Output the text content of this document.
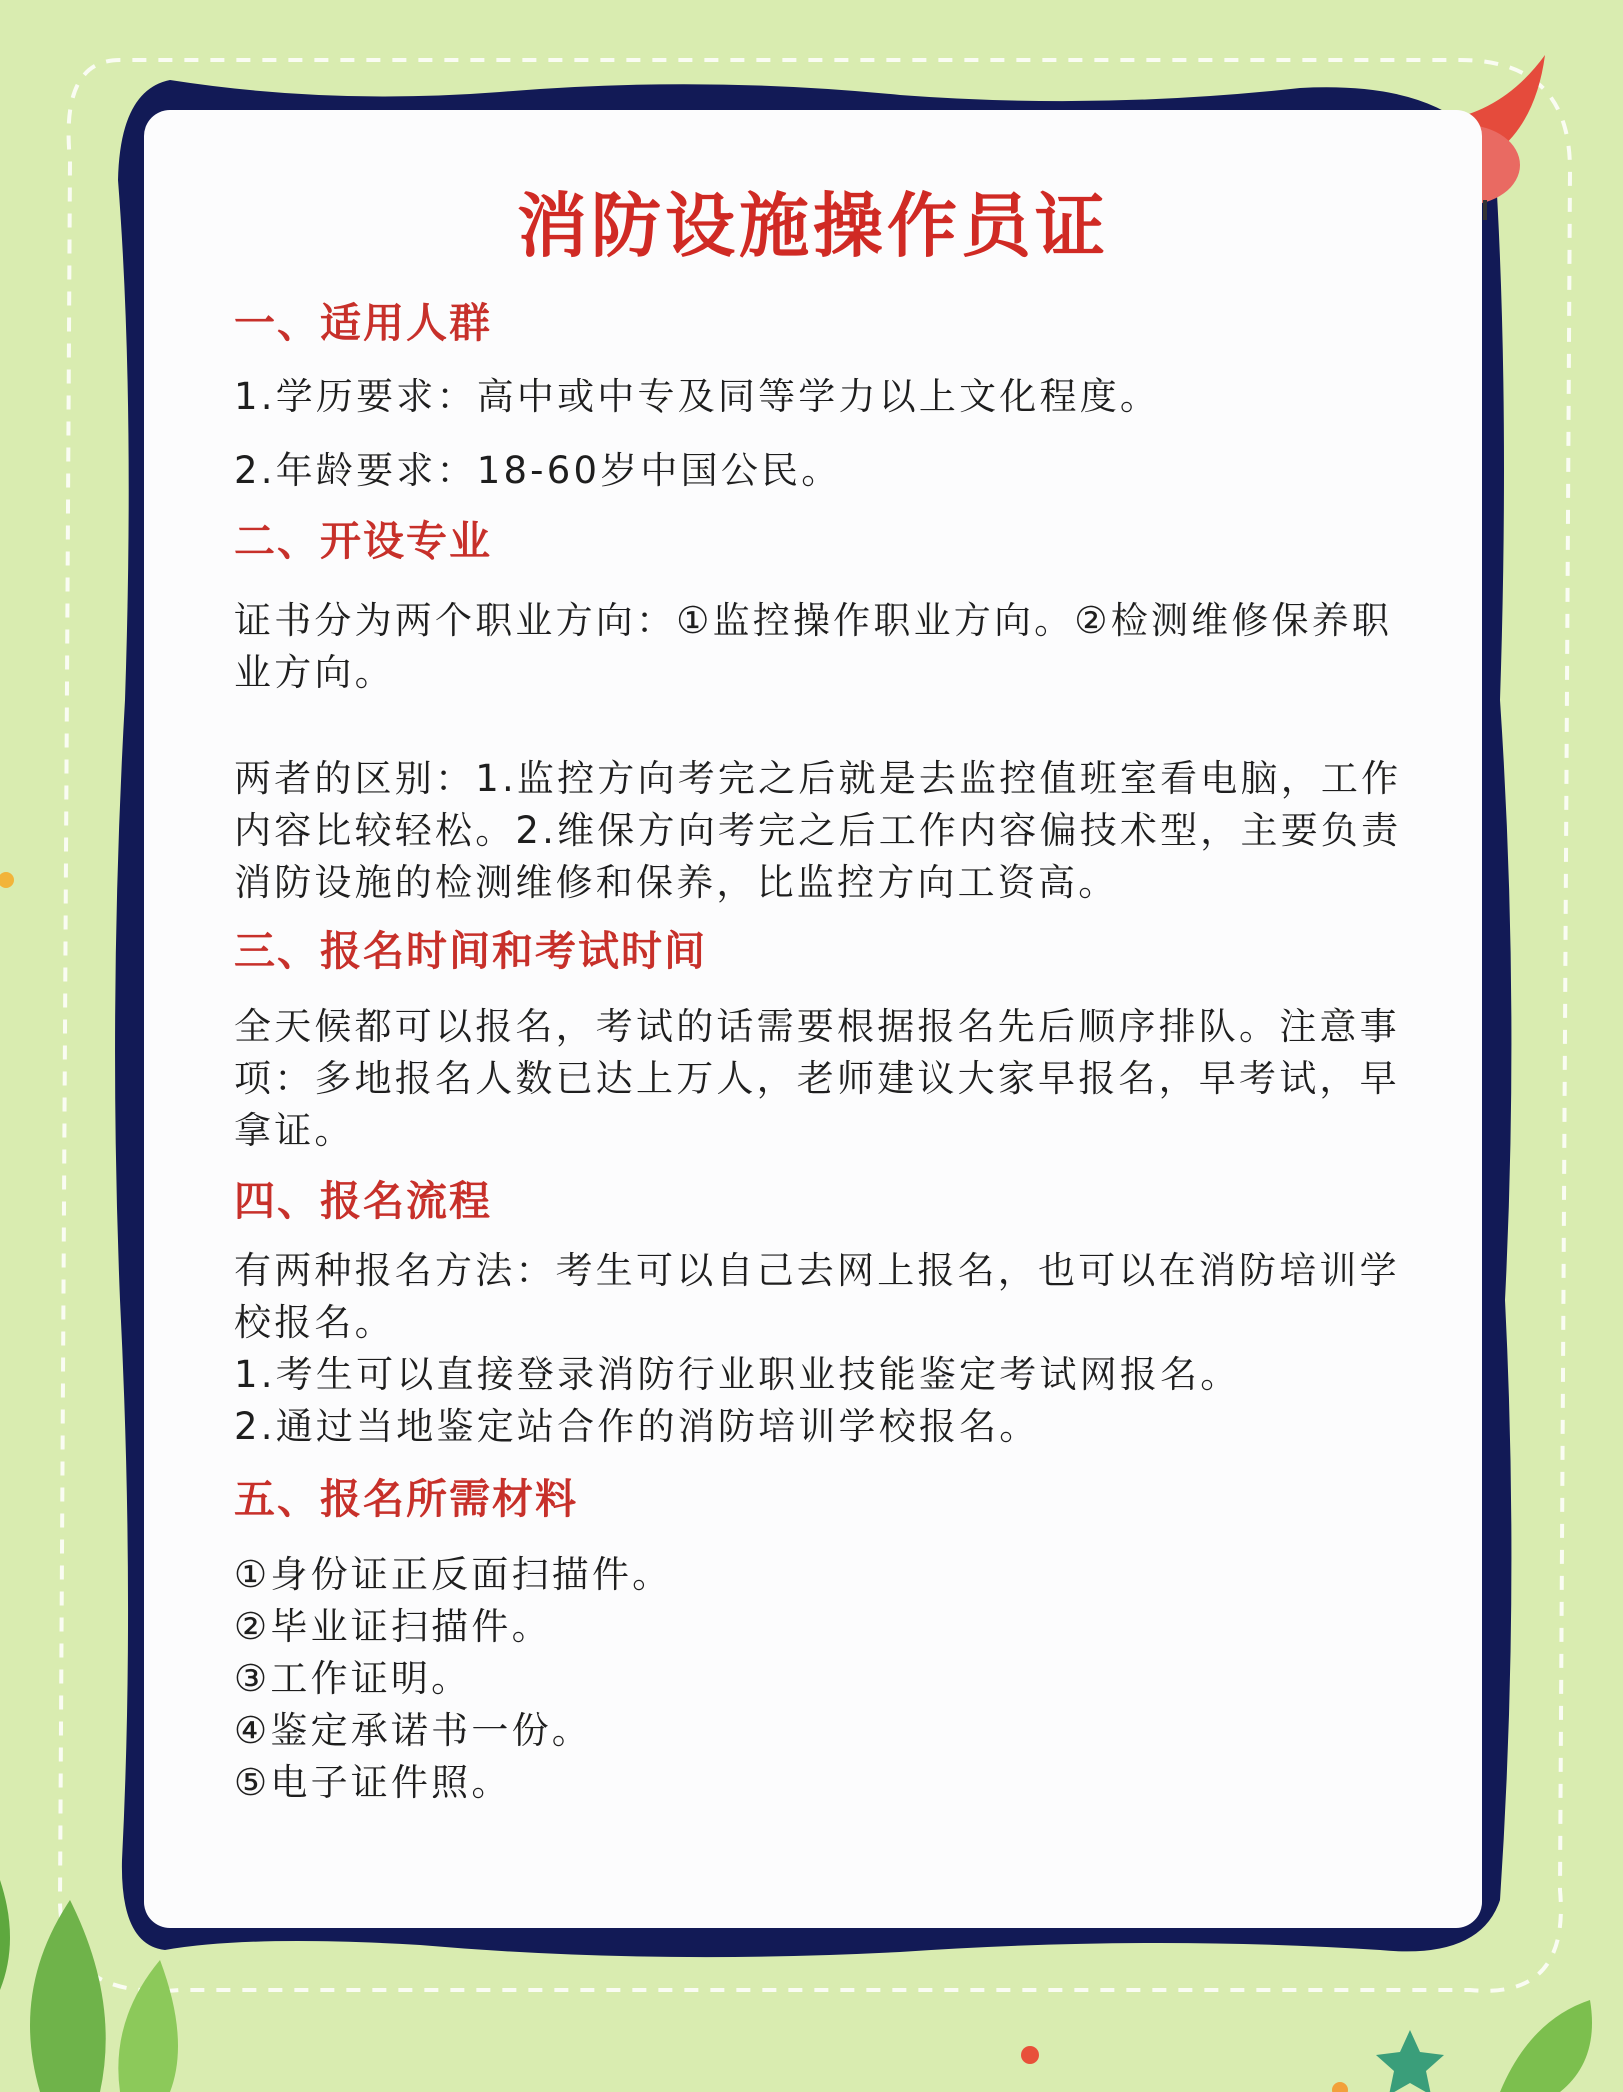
消防设施操作员证

一、适用人群

1.学历要求：高中或中专及同等学力以上文化程度。

2.年龄要求：18-60岁中国公民。

二、开设专业

证书分为两个职业方向：①监控操作职业方向。②检测维修保养职业方向。

两者的区别：1.监控方向考完之后就是去监控值班室看电脑，工作内容比较轻松。2.维保方向考完之后工作内容偏技术型，主要负责消防设施的检测维修和保养，比监控方向工资高。

三、报名时间和考试时间

全天候都可以报名，考试的话需要根据报名先后顺序排队。注意事项：多地报名人数已达上万人，老师建议大家早报名，早考试，早拿证。

四、报名流程

有两种报名方法：考生可以自己去网上报名，也可以在消防培训学校报名。

1.考生可以直接登录消防行业职业技能鉴定考试网报名。

2.通过当地鉴定站合作的消防培训学校报名。

五、报名所需材料

①身份证正反面扫描件。

②毕业证扫描件。

③工作证明。

④鉴定承诺书一份。

⑤电子证件照。
